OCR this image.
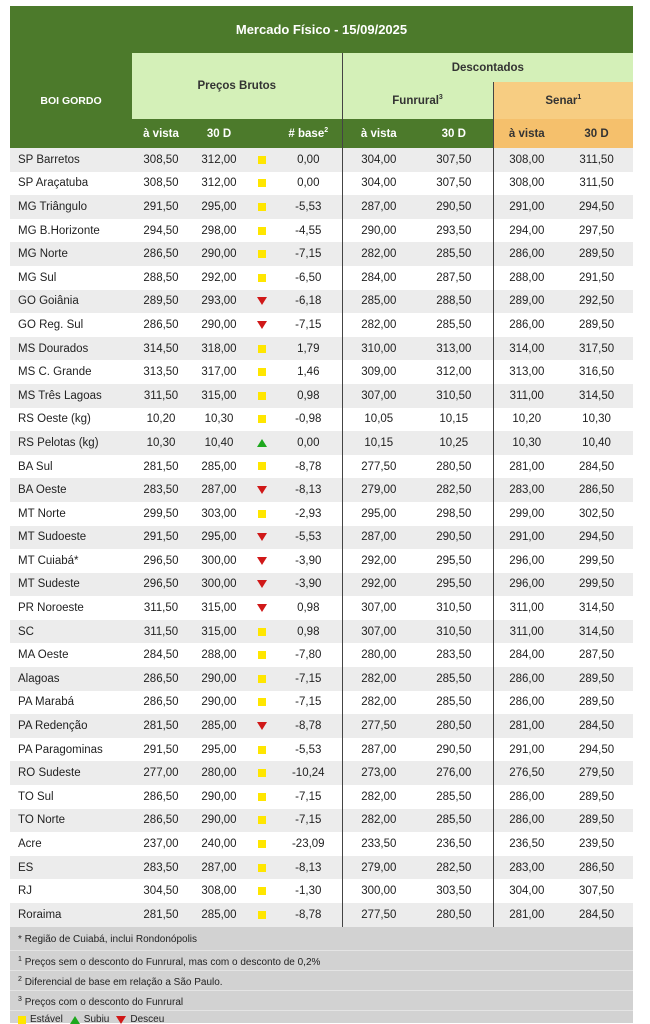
Mercado Físico - 15/09/2025
BOI GORDO	Preços Brutos				Descontados			
					Funrural$^3$		Senar$^1$
	à vista	30 D		# base$^2$	à vista	30 D	à vista	30 D
SP Barretos	308,50	312,00		0,00	304,00	307,50	308,00	311,50
SP Araçatuba	308,50	312,00		0,00	304,00	307,50	308,00	311,50
MG Triângulo	291,50	295,00		-5,53	287,00	290,50	291,00	294,50
MG B.Horizonte	294,50	298,00		-4,55	290,00	293,50	294,00	297,50
MG Norte	286,50	290,00		-7,15	282,00	285,50	286,00	289,50
MG Sul	288,50	292,00		-6,50	284,00	287,50	288,00	291,50
GO Goiânia	289,50	293,00		-6,18	285,00	288,50	289,00	292,50
GO Reg. Sul	286,50	290,00		-7,15	282,00	285,50	286,00	289,50
MS Dourados	314,50	318,00		1,79	310,00	313,00	314,00	317,50
MS C. Grande	313,50	317,00		1,46	309,00	312,00	313,00	316,50
MS Três Lagoas	311,50	315,00		0,98	307,00	310,50	311,00	314,50
RS Oeste (kg)	10,20	10,30		-0,98	10,05	10,15	10,20	10,30
RS Pelotas (kg)	10,30	10,40		0,00	10,15	10,25	10,30	10,40
BA Sul	281,50	285,00		-8,78	277,50	280,50	281,00	284,50
BA Oeste	283,50	287,00		-8,13	279,00	282,50	283,00	286,50
MT Norte	299,50	303,00		-2,93	295,00	298,50	299,00	302,50
MT Sudoeste	291,50	295,00		-5,53	287,00	290,50	291,00	294,50
MT Cuiabá*	296,50	300,00		-3,90	292,00	295,50	296,00	299,50
MT Sudeste	296,50	300,00		-3,90	292,00	295,50	296,00	299,50
PR Noroeste	311,50	315,00		0,98	307,00	310,50	311,00	314,50
SC	311,50	315,00		0,98	307,00	310,50	311,00	314,50
MA Oeste	284,50	288,00		-7,80	280,00	283,50	284,00	287,50
Alagoas	286,50	290,00		-7,15	282,00	285,50	286,00	289,50
PA Marabá	286,50	290,00		-7,15	282,00	285,50	286,00	289,50
PA Redenção	281,50	285,00		-8,78	277,50	280,50	281,00	284,50
PA Paragominas	291,50	295,00		-5,53	287,00	290,50	291,00	294,50
RO Sudeste	277,00	280,00		-10,24	273,00	276,00	276,50	279,50
TO Sul	286,50	290,00		-7,15	282,00	285,50	286,00	289,50
TO Norte	286,50	290,00		-7,15	282,00	285,50	286,00	289,50
Acre	237,00	240,00		-23,09	233,50	236,50	236,50	239,50
ES	283,50	287,00		-8,13	279,00	282,50	283,00	286,50
RJ	304,50	308,00		-1,30	300,00	303,50	304,00	307,50
Roraima	281,50	285,00		-8,78	277,50	280,50	281,00	284,50
* Região de Cuiabá, inclui Rondonópolis
$^1$ Preços sem o desconto do Funrural, mas com o desconto de 0,2%
$^2$ Diferencial de base em relação a São Paulo.
$^3$ Preços com o desconto do Funrural
Estável Subiu Desceu
